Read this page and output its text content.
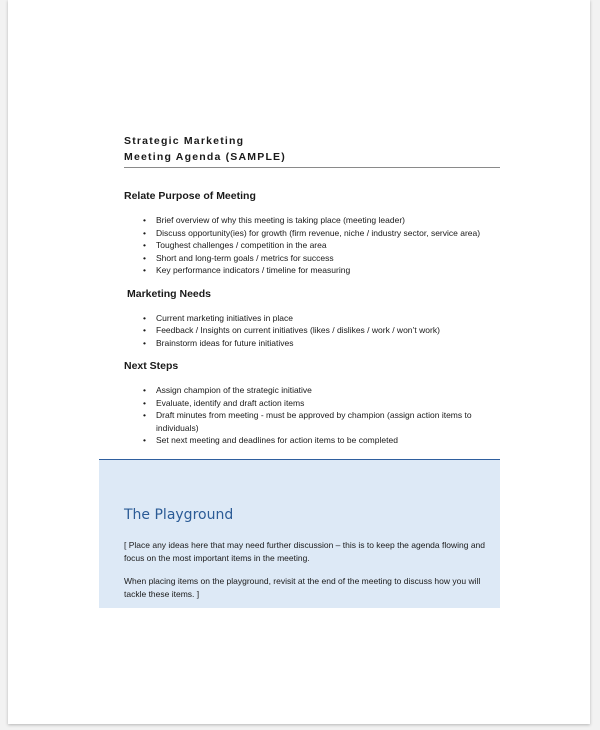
Strategic Marketing

Meeting Agenda (SAMPLE)

Relate Purpose of Meeting

• Brief overview of why this meeting is taking place (meeting leader)
• Discuss opportunity(ies) for growth (firm revenue, niche / industry sector, service area)
• Toughest challenges / competition in the area
• Short and long-term goals / metrics for success
• Key performance indicators / timeline for measuring

Marketing Needs

• Current marketing initiatives in place
• Feedback / Insights on current initiatives (likes / dislikes / work / won’t work)
• Brainstorm ideas for future initiatives

Next Steps

• Assign champion of the strategic initiative
• Evaluate, identify and draft action items
• Draft minutes from meeting - must be approved by champion (assign action items to individuals)
• Set next meeting and deadlines for action items to be completed

The Playground

[ Place any ideas here that may need further discussion – this is to keep the agenda flowing and focus on the most important items in the meeting.

When placing items on the playground, revisit at the end of the meeting to discuss how you will tackle these items. ]
